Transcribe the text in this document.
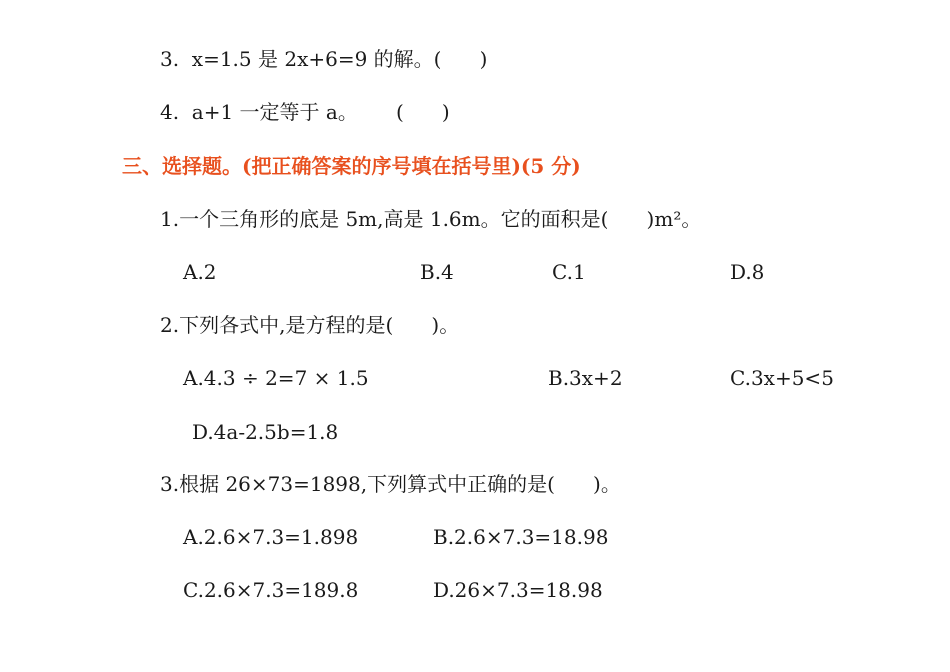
3.  x=1.5 是 2x+6=9 的解。(      )
4.  a+1 一定等于 a。      (      )
三、选择题。(把正确答案的序号填在括号里)(5 分)
1.一个三角形的底是 5m,高是 1.6m。它的面积是(      )m²。
A.2	B.4	C.1	D.8
2.下列各式中,是方程的是(      )。
A.4.3 ÷ 2=7 × 1.5	B.3x+2	C.3x+5<5
D.4a-2.5b=1.8
3.根据 26×73=1898,下列算式中正确的是(      )。
A.2.6×7.3=1.898	B.2.6×7.3=18.98
C.2.6×7.3=189.8	D.26×7.3=18.98
